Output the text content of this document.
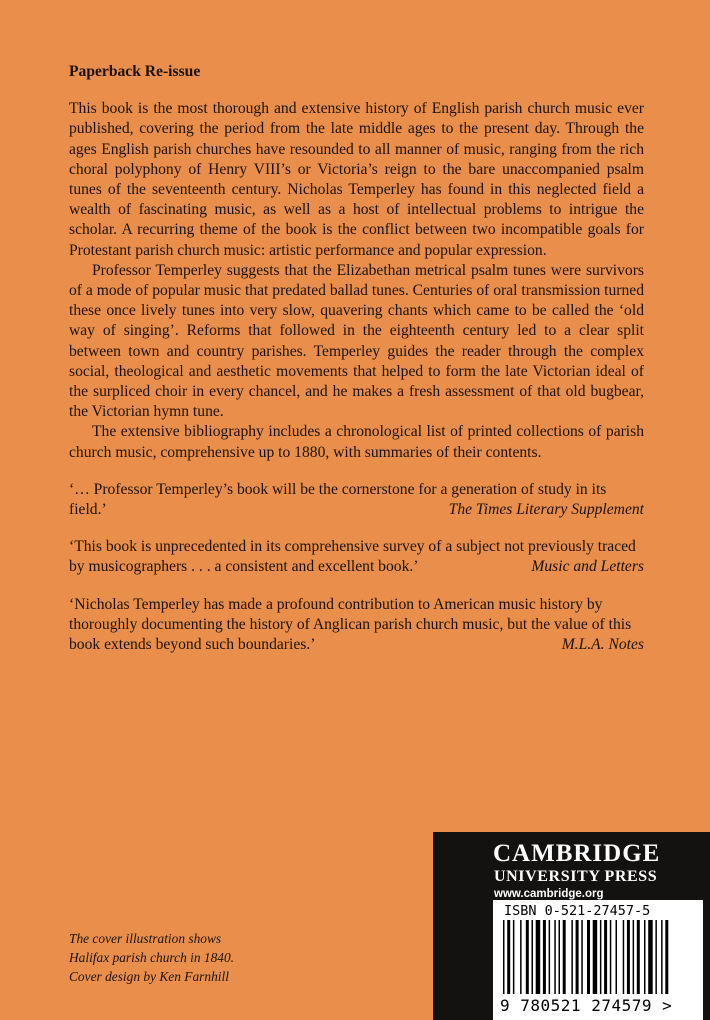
Paperback Re-issue

This book is the most thorough and extensive history of English parish church music ever published, covering the period from the late middle ages to the present day. Through the ages English parish churches have resounded to all manner of music, ranging from the rich choral polyphony of Henry VIII’s or Victoria’s reign to the bare unaccompanied psalm tunes of the seventeenth century. Nicholas Temperley has found in this neglected field a wealth of fascinating music, as well as a host of intellectual problems to intrigue the scholar. A recurring theme of the book is the conflict between two incompatible goals for Protestant parish church music: artistic performance and popular expression.

Professor Temperley suggests that the Elizabethan metrical psalm tunes were survivors of a mode of popular music that predated ballad tunes. Centuries of oral transmission turned these once lively tunes into very slow, quavering chants which came to be called the ‘old way of singing’. Reforms that followed in the eighteenth century led to a clear split between town and country parishes. Temperley guides the reader through the complex social, theological and aesthetic movements that helped to form the late Victorian ideal of the surpliced choir in every chancel, and he makes a fresh assessment of that old bugbear, the Victorian hymn tune.

The extensive bibliography includes a chronological list of printed collections of parish church music, comprehensive up to 1880, with summaries of their contents.

‘… Professor Temperley’s book will be the cornerstone for a generation of study in its field.’	The Times Literary Supplement
‘This book is unprecedented in its comprehensive survey of a subject not previously traced by musicographers . . . a consistent and excellent book.’	Music and Letters
‘Nicholas Temperley has made a profound contribution to American music history by thoroughly documenting the history of Anglican parish church music, but the value of this book extends beyond such boundaries.’	M.L.A. Notes
The cover illustration shows
Halifax parish church in 1840.
Cover design by Ken Farnhill

CAMBRIDGE

UNIVERSITY PRESS

www.cambridge.org

ISBN 0-521-27457-5
9 780521 274579 >
